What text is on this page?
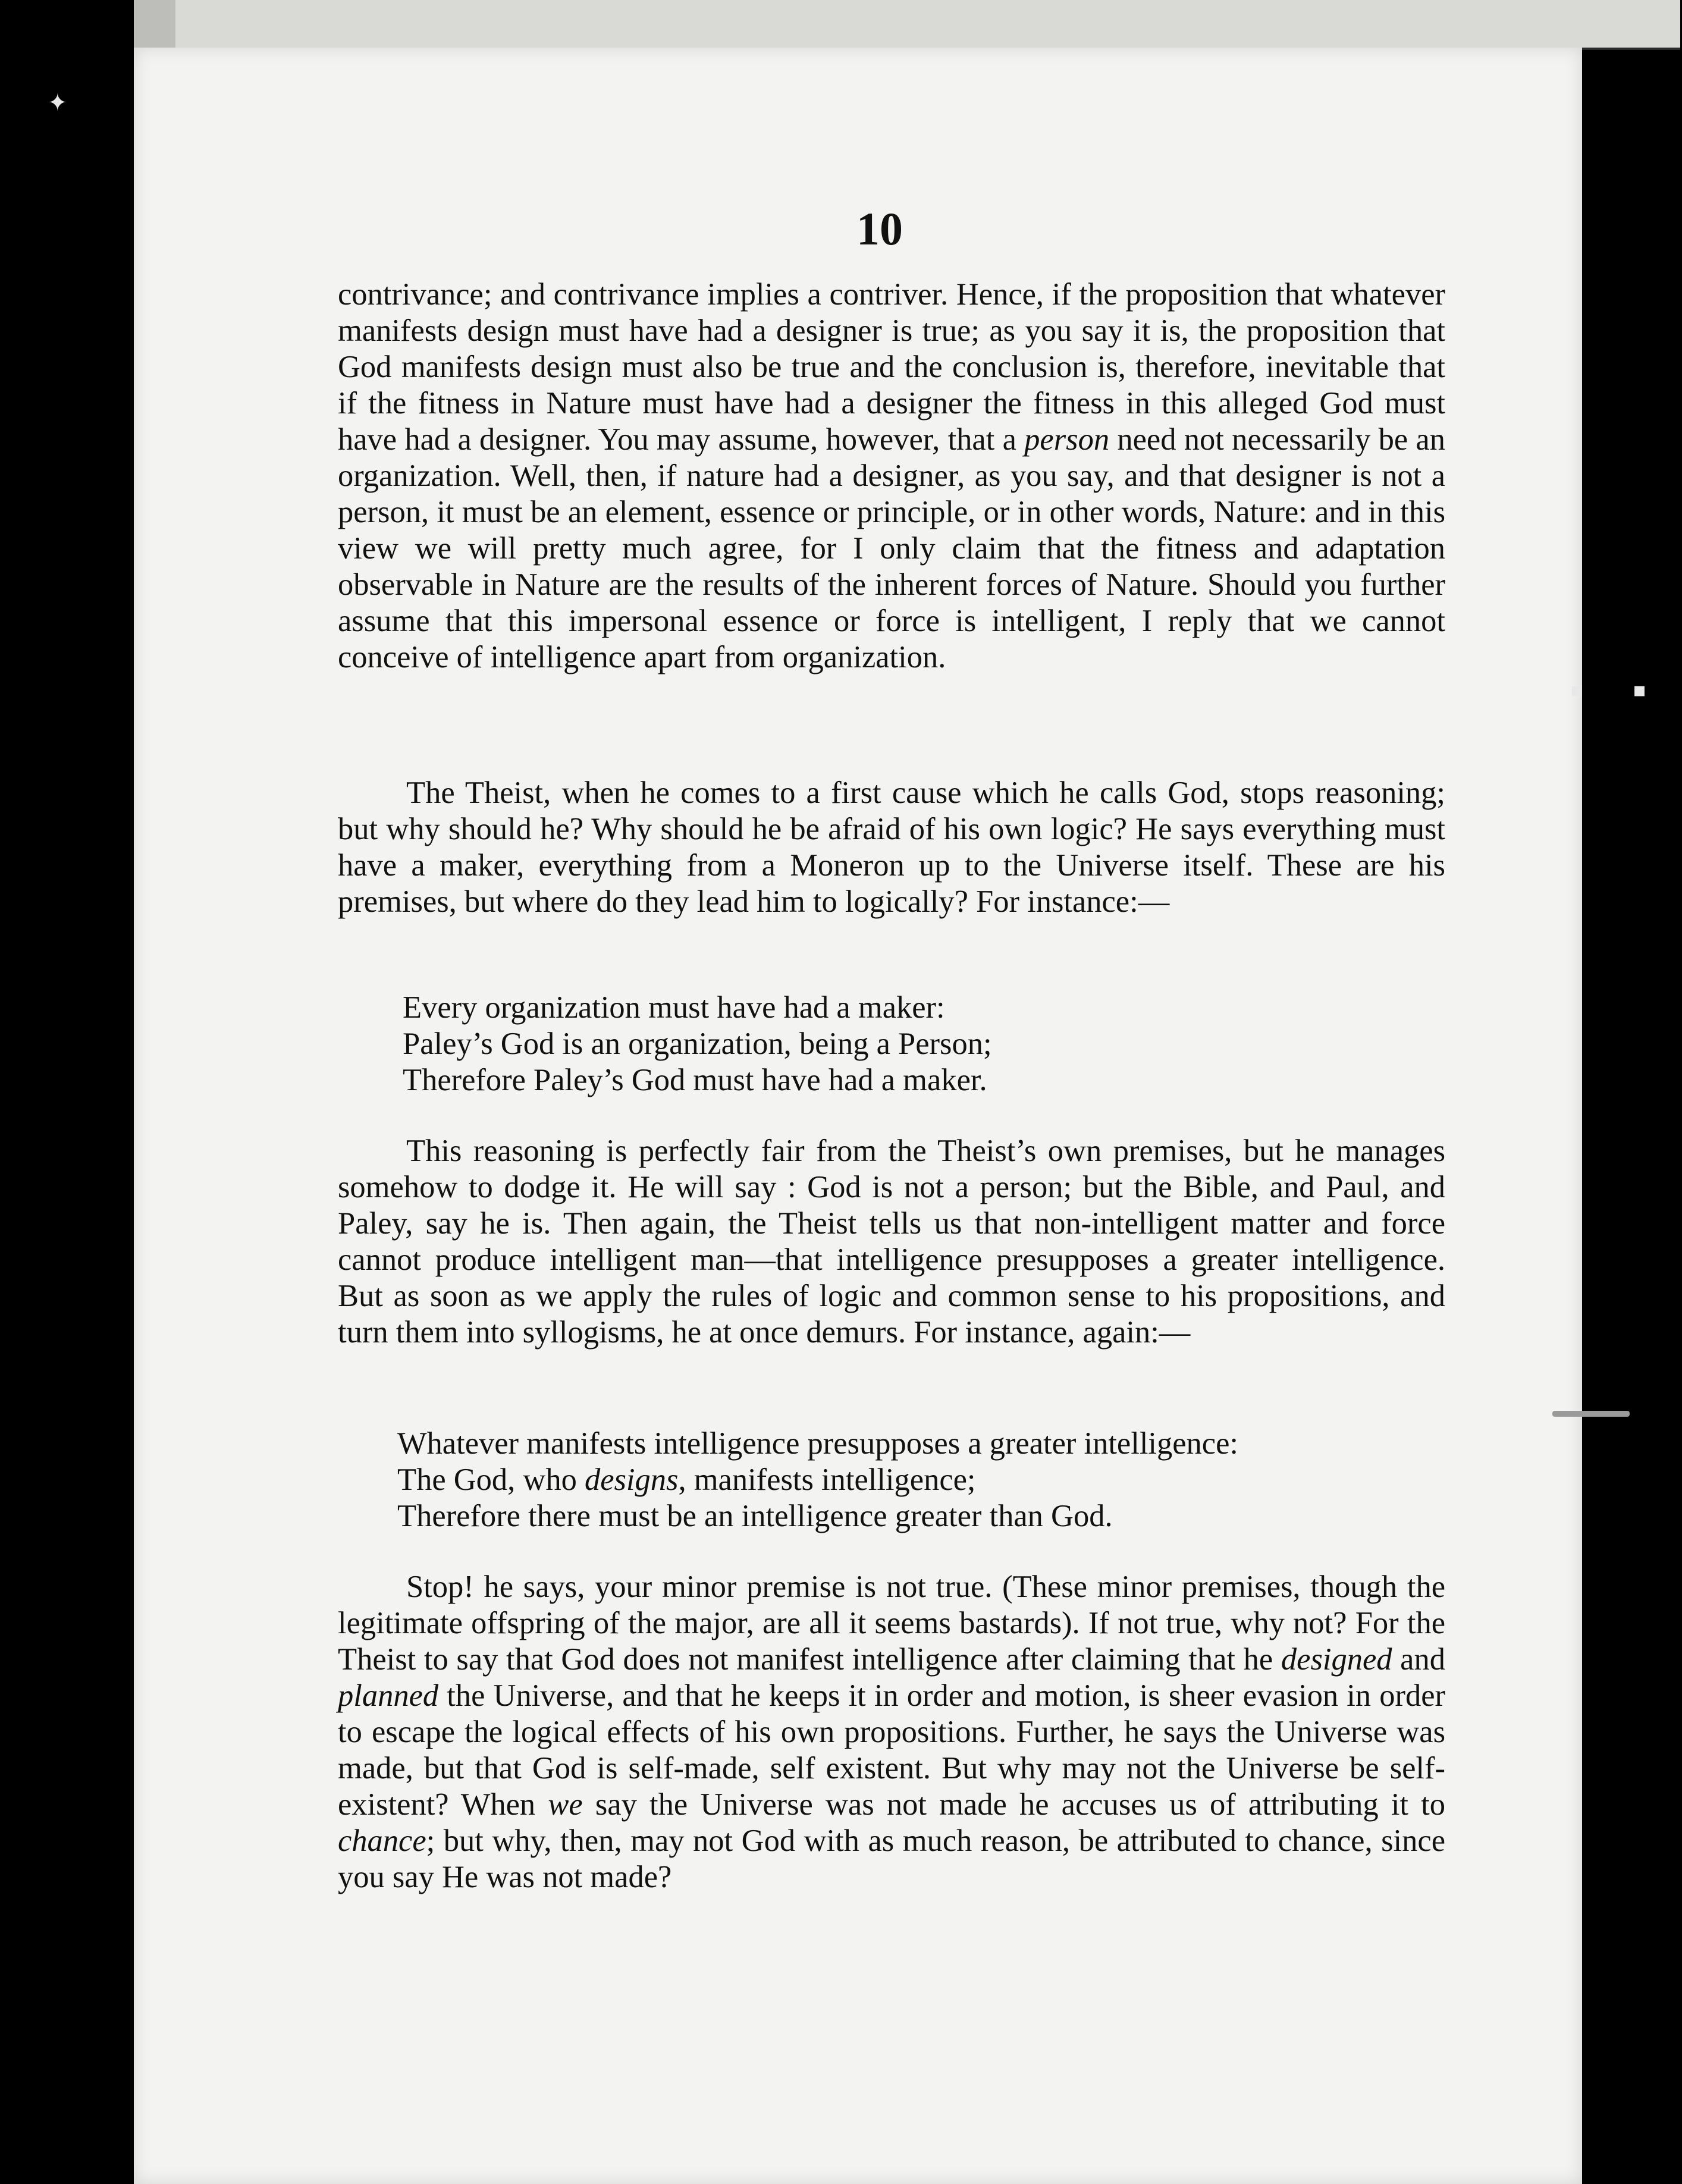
✦
▪ ▪
10

contrivance; and contrivance implies a contriver. Hence, if the proposition that whatever manifests design must have had a designer is true; as you say it is, the proposition that God manifests design must also be true and the conclusion is, therefore, inevitable that if the fitness in Nature must have had a designer the fitness in this alleged God must have had a designer. You may assume, however, that a person need not necessarily be an organization. Well, then, if nature had a designer, as you say, and that designer is not a person, it must be an element, essence or principle, or in other words, Nature: and in this view we will pretty much agree, for I only claim that the fitness and adaptation observable in Nature are the results of the inherent forces of Nature. Should you further assume that this impersonal essence or force is intelligent, I reply that we cannot conceive of intelligence apart from organization.

The Theist, when he comes to a first cause which he calls God, stops reasoning; but why should he? Why should he be afraid of his own logic? He says everything must have a maker, everything from a Moneron up to the Universe itself. These are his premises, but where do they lead him to logically? For instance:—

Every organization must have had a maker:
Paley’s God is an organization, being a Person;
Therefore Paley’s God must have had a maker.

This reasoning is perfectly fair from the Theist’s own premises, but he manages somehow to dodge it. He will say : God is not a person; but the Bible, and Paul, and Paley, say he is. Then again, the Theist tells us that non-intelligent matter and force cannot produce intelligent man—that intelligence presupposes a greater intelligence. But as soon as we apply the rules of logic and common sense to his propositions, and turn them into syllogisms, he at once demurs. For instance, again:—

Whatever manifests intelligence presupposes a greater intelligence:
The God, who designs, manifests intelligence;
Therefore there must be an intelligence greater than God.

Stop! he says, your minor premise is not true. (These minor premises, though the legitimate offspring of the major, are all it seems bastards). If not true, why not? For the Theist to say that God does not manifest intelligence after claiming that he designed and planned the Universe, and that he keeps it in order and motion, is sheer evasion in order to escape the logical effects of his own propositions. Further, he says the Universe was made, but that God is self-made, self existent. But why may not the Universe be self-existent? When we say the Universe was not made he accuses us of attributing it to chance; but why, then, may not God with as much reason, be attributed to chance, since you say He was not made?
